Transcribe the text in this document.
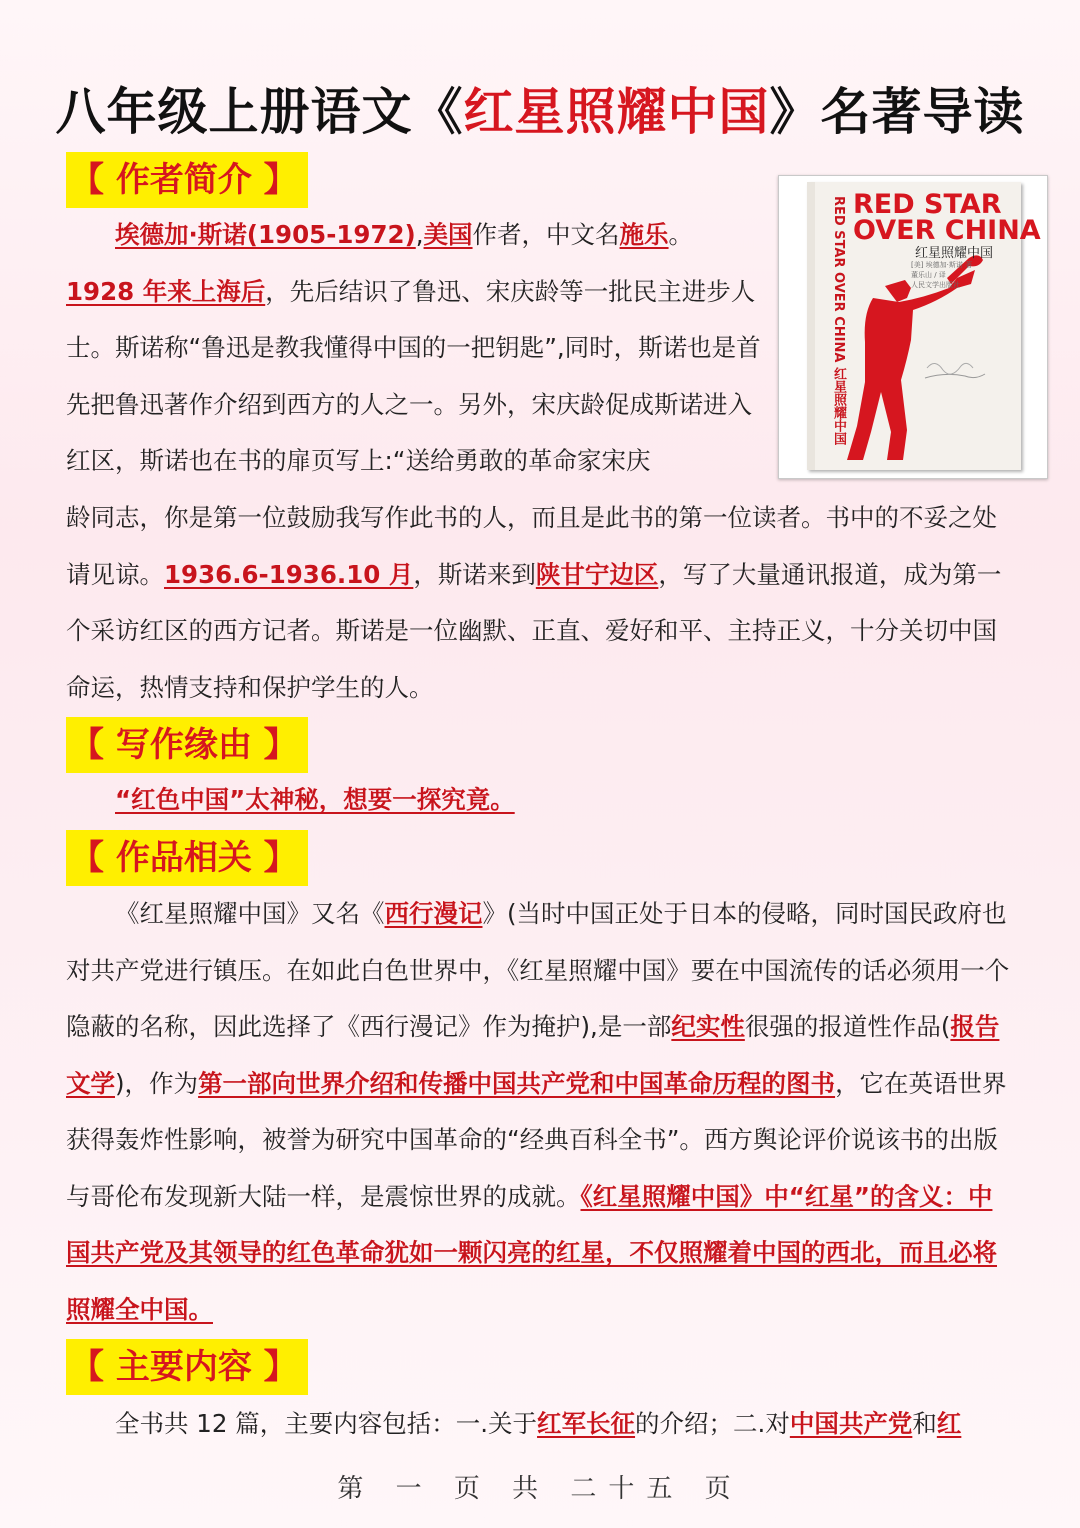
八年级上册语文《红星照耀中国》名著导读
【 作者简介 】
RED STAR OVER CHINA 红星照耀中国 RED STAR
OVER CHINA
红星照耀中国
[美] 埃德加·斯诺 著
董乐山 / 译
人民文学出版社
埃德加·斯诺(1905-1972),美国作者，中文名施乐。1928 年来上海后，先后结识了鲁迅、宋庆龄等一批民主进步人士。斯诺称“鲁迅是教我懂得中国的一把钥匙”,同时，斯诺也是首先把鲁迅著作介绍到西方的人之一。另外，宋庆龄促成斯诺进入红区，斯诺也在书的扉页写上:“送给勇敢的革命家宋庆
龄同志，你是第一位鼓励我写作此书的人，而且是此书的第一位读者。书中的不妥之处请见谅。1936.6-1936.10 月，斯诺来到陕甘宁边区，写了大量通讯报道，成为第一个采访红区的西方记者。斯诺是一位幽默、正直、爱好和平、主持正义，十分关切中国命运，热情支持和保护学生的人。
【 写作缘由 】
“红色中国”太神秘，想要一探究竟。
【 作品相关 】
《红星照耀中国》又名《西行漫记》(当时中国正处于日本的侵略，同时国民政府也对共产党进行镇压。在如此白色世界中，《红星照耀中国》要在中国流传的话必须用一个隐蔽的名称，因此选择了《西行漫记》作为掩护),是一部纪实性很强的报道性作品(报告文学)，作为第一部向世界介绍和传播中国共产党和中国革命历程的图书，它在英语世界获得轰炸性影响，被誉为研究中国革命的“经典百科全书”。西方舆论评价说该书的出版与哥伦布发现新大陆一样，是震惊世界的成就。《红星照耀中国》中“红星”的含义：中国共产党及其领导的红色革命犹如一颗闪亮的红星，不仅照耀着中国的西北，而且必将照耀全中国。
【 主要内容 】
全书共 12 篇，主要内容包括：一.关于红军长征的介绍；二.对中国共产党和红
第 一 页 共 二十五 页
